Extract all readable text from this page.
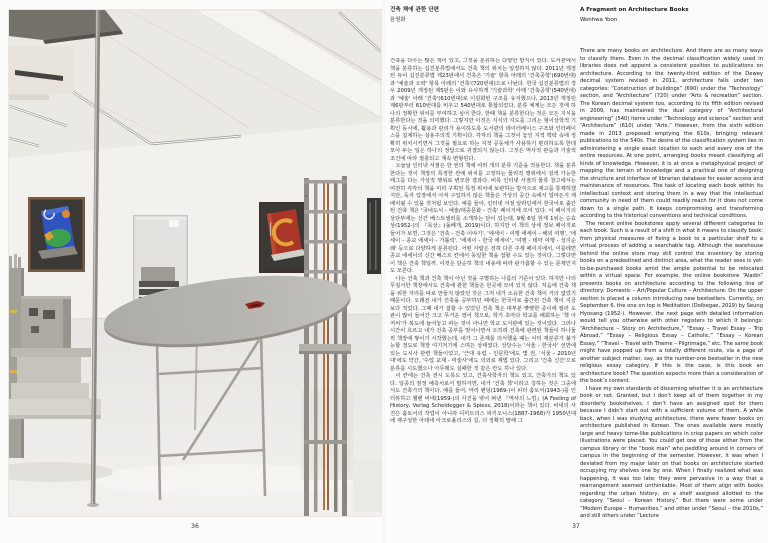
36
건축 책에 관한 단편
윤원화

건축을 다루는 많은 책이 있고, 그것을 분류하는 다양한 방식이 있다. 도서관에서 책을 분류하는 십진분류법에서도 건축 책의 위치는 일정하지 않다. 2011년 개정된 듀이 십진분류법 제23판에서 건축은 '기술' 항목 아래의 '건축공학'(690번대)과 '예술과 오락' 항목 아래의 '건축'(720번대)으로 나뉜다. 한국 십진분류법의 경우 2009년 개정된 제5판은 이와 유사하게 '기술과학' 아래 '건축공학'(540번대)과 '예술' 아래 '건축'(610번대)로 이원화된 구조를 유지했으나, 2013년 개정된 제6판부터 610번대를 비우고 540번대로 통합되었다. 분류 체계는 모든 것에 하나의 정확한 위치를 부여하고 싶어 한다. 한때 책을 분류한다는 것은 모든 지식을 분류한다는 것을 의미했다. 그렇지만 이것은 지식의 지도를 그리는 형이상학적 기획인 동시에, 활용과 관리가 용이하도록 도서관의 데이터베이스 구조와 인터페이스를 설계하는 실용주의적 기획이다. 각각의 책을 그것이 놓인 지적 맥락 속에 정확히 위치시키면서 그것을 필요로 하는 지적 공동체가 사용하기 편리하도록 한데 모아 두는 일은 하나의 정답으로 귀결되지 않는다. 그것은 역사적 관습과 기술적 조건에 따라 절충되고 계속 변형된다.

오늘날 인터넷 서점은 한 권의 책에 여러 개의 분류 기준을 적용한다. 책을 분류한다는 것이 책장의 특정한 칸에 위치를 고정하는 물리적 행위에서 검색 가능한 태그를 다는 가상적 행위로 변모한 결과다. 비록 인터넷 서점의 물류 창고에서는 여전히 각각의 책을 미리 구획된 특정 위치에 보관하는 방식으로 재고를 통제하겠지만, 독자 입장에서 아직 구입하지 않은 책들은 가상의 공간 속에서 얼마든지 재배치될 수 있을 것처럼 보인다. 예를 들어, 인터넷 서점 알라딘에서 한국어로 출간된 건축 책은 '국내도서 - 예술/대중문화 - 건축' 페이지에 모여 있다. 이 페이지의 상단부에는 신간 베스트셀러를 소개하는 단이 있는데, 9월 6일 현재 1위는 승효상(1952-)의 『묵상』(돌베개, 2019)이다. 하지만 이 책의 상세 정보 페이지로 들어가 보면, 그것은 '건축 - 건축 이야기', '에세이 - 여행 에세이 - 해외 여행', '에세이 - 종교 에세이 - 가톨릭', '에세이 - 한국 에세이', '여행 - 테마 여행 - 성지순례' 등으로 다양하게 분류된다. 어떤 사람은 전혀 다른 주제 페이지에서, 이를테면 종교 에세이의 신간 베스트 칸에서 동일한 책을 접할 수도 있는 것이다. 그렇다면 이 책은 건축 책일까. 이것은 단순히 책의 내용에 따라 판가름할 수 있는 문제인지도 모른다.

나는 건축 책과 건축 책이 아닌 것을 구별하는 나름의 기준이 있다. 하지만 나의 무질서한 책장에서도 건축에 관한 책들은 한곳에 모여 있지 않다. 처음에 건축 책을 위한 자리를 따로 만들지 않았던 것은 그저 내가 소유한 건축 책이 거의 없었기 때문이다. 오래전 내가 건축을 공부하던 때에는 한국어로 출간된 건축 책이 지금보다 적었다. 그때 내가 접할 수 있었던 건축 책은 대부분 빳빳한 종이에 컬러 도판이 많이 들어간 크고 무거운 영어 책으로, 학기 초마다 학교를 배회하는 '책 아저씨'가 복도에 늘어놓고 파는 것이 아니면 학교 도서관에 있는 것이었다. 그러나 시간이 흐르고 내가 건축 공부를 벗어나면서 오히려 건축에 관련된 책들이 하나둘씩 책장에 쌓이기 시작했는데, 내가 그 존재를 의식했을 때는 이미 재분류가 불가능할 정도로 책장 여기저기에 스며든 상태였다. 상당수는 '서울 - 한국사' 선반에 있는 도시사 관련 책들이었고, '근대 유럽 - 인문학'에도 몇 권, '서울 - 2010년대'에도 약간, '수업 교재 - 미술사'에도 의외로 제법 있다. 그리고 '건축 신간'으로 분류를 시도했으나 아무래도 실패한 것 같은 칸도 하나 있다.

이 칸에는 건축 전시 도록도 있고, 건축사학자의 책도 있고, 건축가의 책도 있다. 일종의 잠정 예측치로서 말하자면, 내가 '건축 책'이라고 칭하는 것은 그중에서도 건축가의 책이다. 예를 들어, 마리 렌딩(1969-)이 피터 춤토어(1943-)를 인터뷰하고 헬렌 비네(1959-)의 사진을 엮어 펴낸 『역사의 느낌』(A Feeling of History, Verlag Scheidegger & Spiess, 2018)이라는 책이 있다. 비네의 사진은 춤토어의 작업이 아니라 디미트리스 피키오니스(1887-1968)가 1950년대에 재구성한 아테네 아크로폴리스의 길, 더 정확히 말해 그

A Fragment on Architecture Books
Wonhwa Yoon

There are many books on architecture. And there are as many ways to classify them. Even in the decimal classification widely used in libraries does not appoint a consistent position to publications on architecture. According to the twenty-third edition of the Dewey decimal system revised in 2011, architecture falls under two categories: “Construction of buildings” (690) under the “Technology” section, and “Architecture” (720) under “Arts & recreation” section. The Korean decimal system too, according to its fifth edition revised in 2009, has maintained the dual category of “Architectural engineering” (540) items under “Technology and science” section and “Architecture” (610) under “Arts.” However, from the sixth edition made in 2013 proposed emptying the 610s, bringing relevant publications to the 540s. The desire of the classification system lies in administering a single exact location to each and every one of the entire resources. At one point, arranging books meant classifying all kinds of knowledge. However, it is at once a metaphysical project of mapping the terrain of knowledge and a practical one of designing the structure and interface of librarian database for easier access and maintenance of resources. The task of locating each book within its intellectual context and storing them in a way that the intellectual community in need of them could readily reach for it does not come down to a single path. It keeps compromising and transforming according to the historical conventions and technical conditions.

The recent online bookstores apply several different categories to each book. Such is a result of a shift in what it means to classify book: from physical measures of fixing a book to a particular shelf to a virtual process of adding a searchable tag. Although the warehouse behind the online store may still control the inventory by storing books on a predestined and distinct area, what the reader sees is yet-to-be-purchased books amid the ample potential to be relocated within a virtual space. For example, the online bookstore “Aladin” presents books on architecture according to the following line of directory: Domestic – Art/Popular Culture – Architecture. On the upper section is placed a column introducing new bestsellers. Currently, on September 6, the one on top is Meditation (Dolbegae, 2019) by Seung Hyosang (1952-). However, the next page with detailed information would tell you otherwise with other registers to which it belongs: “Architecture – Story on Architecture,” “Essay – Travel Essay – Trip Abroad,” “Essay – Religious Essay – Catholic,” “Essay – Korean Essay,” “Travel – Travel with Theme – Pilgrimage,” etc. The same book might have popped up from a totally different route, via a page of another subject matter, say, as the number-one bestseller in the new religious essay category. If this is the case, is this book an architecture book? The question expects more than a consideration of the book’s content.

I have my own standards of discerning whether it is an architecture book or not. Granted, but I don’t keep all of them together in my disorderly bookshelves. I don’t have an assigned spot for them because I didn’t start out with a sufficient volume of them. A while back, when I was studying architecture, there were fewer books on architecture published in Korean. The ones available were mostly large and heavy tome-like publications in crisp papers on which color illustrations were placed. You could get one of those either from the campus library or the “book man” who peddling around in corners of campus in the beginning of the semester. However, it was when I deviated from my major later on that books on architecture started occupying my shelves one by one. When I finally realized what was happening, it was too late; they were pervasive in a way that a rearrangement seemed unthinkable. Most of them align with books regarding the urban history, on a shelf assigned allotted to the category “Seoul – Korean History.” But there were some under “Modern Europe – Humanities,” and other under “Seoul – the 2010s,” and still others under “Lecture

37
